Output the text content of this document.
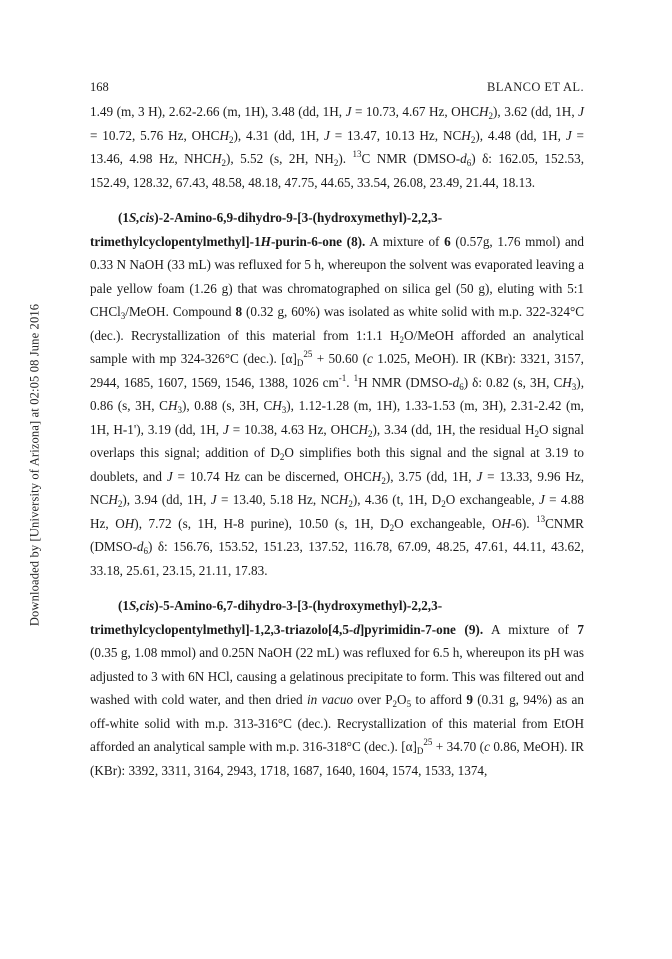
Downloaded by [University of Arizona] at 02:05 08 June 2016
168	BLANCO ET AL.

1.49 (m, 3 H), 2.62-2.66 (m, 1H), 3.48 (dd, 1H, J = 10.73, 4.67 Hz, $OHCH_2$), 3.62 (dd, 1H, J = 10.72, 5.76 Hz, $OHCH_2$), 4.31 (dd, 1H, J = 13.47, 10.13 Hz, $NCH_2$), 4.48 (dd, 1H, J = 13.46, 4.98 Hz, $NHCH_2$), 5.52 (s, 2H, $NH_2$). $^{13}$C NMR $(DMSO-d_6)$ δ: 162.05, 152.53, 152.49, 128.32, 67.43, 48.58, 48.18, 47.75, 44.65, 33.54, 26.08, 23.49, 21.44, 18.13.

(1S,cis)-2-Amino-6,9-dihydro-9-[3-(hydroxymethyl)-2,2,3-trimethylcyclopentylmethyl]-1H-purin-6-one (8). A mixture of 6 (0.57g, 1.76 mmol) and 0.33 N NaOH (33 mL) was refluxed for 5 h, whereupon the solvent was evaporated leaving a pale yellow foam (1.26 g) that was chromatographed on silica gel (50 g), eluting with 5:1 CHCl$_3$/MeOH. Compound 8 (0.32 g, 60%) was isolated as white solid with m.p. 322-324°C (dec.). Recrystallization of this material from 1:1.1 $H_2O$/MeOH afforded an analytical sample with mp 324-326°C (dec.). $[\alpha]_D^{25} + 50.60$ (c 1.025, MeOH). IR (KBr): 3321, 3157, 2944, 1685, 1607, 1569, 1546, 1388, 1026 $cm^{-1}$. $^1$H NMR $(DMSO-d_6)$ δ: 0.82 (s, 3H, $CH_3$), 0.86 (s, 3H, $CH_3$), 0.88 (s, 3H, $CH_3$), 1.12-1.28 (m, 1H), 1.33-1.53 (m, 3H), 2.31-2.42 (m, 1H, H-1'), 3.19 (dd, 1H, J = 10.38, 4.63 Hz, $OHCH_2$), 3.34 (dd, 1H, the residual $H_2O$ signal overlaps this signal; addition of $D_2O$ simplifies both this signal and the signal at 3.19 to doublets, and J = 10.74 Hz can be discerned, $OHCH_2$), 3.75 (dd, 1H, J = 13.33, 9.96 Hz, $NCH_2$), 3.94 (dd, 1H, J = 13.40, 5.18 Hz, $NCH_2$), 4.36 (t, 1H, $D_2O$ exchangeable, J = 4.88 Hz, OH), 7.72 (s, 1H, H-8 purine), 10.50 (s, 1H, $D_2O$ exchangeable, OH-6). $^{13}$CNMR $(DMSO-d_6)$ δ: 156.76, 153.52, 151.23, 137.52, 116.78, 67.09, 48.25, 47.61, 44.11, 43.62, 33.18, 25.61, 23.15, 21.11, 17.83.

(1S,cis)-5-Amino-6,7-dihydro-3-[3-(hydroxymethyl)-2,2,3-trimethylcyclopentylmethyl]-1,2,3-triazolo[4,5-d]pyrimidin-7-one (9). A mixture of 7 (0.35 g, 1.08 mmol) and 0.25N NaOH (22 mL) was refluxed for 6.5 h, whereupon its pH was adjusted to 3 with 6N HCl, causing a gelatinous precipitate to form. This was filtered out and washed with cold water, and then dried in vacuo over $P_2O_5$ to afford 9 (0.31 g, 94%) as an off-white solid with m.p. 313-316°C (dec.). Recrystallization of this material from EtOH afforded an analytical sample with m.p. 316-318°C (dec.). $[\alpha]_D^{25} + 34.70$ (c 0.86, MeOH). IR (KBr): 3392, 3311, 3164, 2943, 1718, 1687, 1640, 1604, 1574, 1533, 1374,
